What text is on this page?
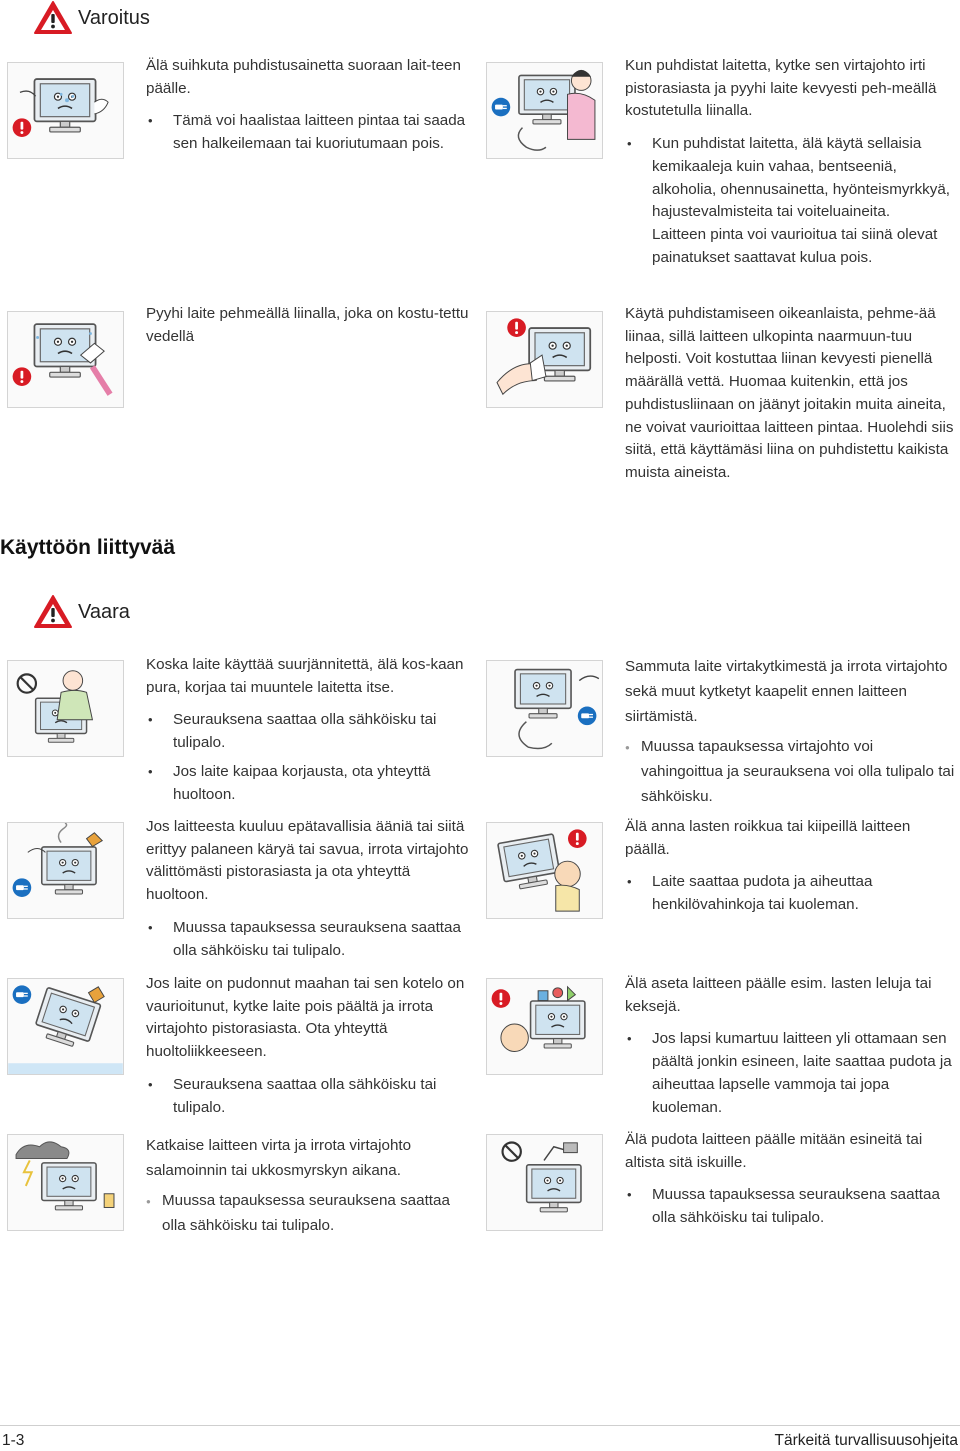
Varoitus

Älä suihkuta puhdistusainetta suoraan lait-teen päälle.

• Tämä voi haalistaa laitteen pintaa tai saada sen halkeilemaan tai kuoriutumaan pois.

Kun puhdistat laitetta, kytke sen virtajohto irti pistorasiasta ja pyyhi laite kevyesti peh-meällä kostutetulla liinalla.

• Kun puhdistat laitetta, älä käytä sellaisia kemikaaleja kuin vahaa, bentseeniä, alkoholia, ohennusainetta, hyönteismyrkkyä, hajustevalmisteita tai voiteluaineita.

Laitteen pinta voi vaurioitua tai siinä olevat painatukset saattavat kulua pois.

Pyyhi laite pehmeällä liinalla, joka on kostu-tettu vedellä

Käytä puhdistamiseen oikeanlaista, pehme-ää liinaa, sillä laitteen ulkopinta naarmuun-tuu helposti. Voit kostuttaa liinan kevyesti pienellä määrällä vettä. Huomaa kuitenkin, että jos puhdistusliinaan on jäänyt joitakin muita aineita, ne voivat vaurioittaa laitteen pintaa. Huolehdi siis siitä, että käyttämäsi liina on puhdistettu kaikista muista aineista.

Käyttöön liittyvää
Vaara

Koska laite käyttää suurjännitettä, älä kos-kaan pura, korjaa tai muuntele laitetta itse.

• Seurauksena saattaa olla sähköisku tai tulipalo.
• Jos laite kaipaa korjausta, ota yhteyttä huoltoon.

Sammuta laite virtakytkimestä ja irrota virtajohto sekä muut kytketyt kaapelit ennen laitteen siirtämistä.

● Muussa tapauksessa virtajohto voi vahingoittua ja seurauksena voi olla tulipalo tai sähköisku.

Jos laitteesta kuuluu epätavallisia ääniä tai siitä erittyy palaneen käryä tai savua, irrota virtajohto välittömästi pistorasiasta ja ota yhteyttä huoltoon.

• Muussa tapauksessa seurauksena saattaa olla sähköisku tai tulipalo.

Älä anna lasten roikkua tai kiipeillä laitteen päällä.

• Laite saattaa pudota ja aiheuttaa henkilövahinkoja tai kuoleman.

Jos laite on pudonnut maahan tai sen kotelo on vaurioitunut, kytke laite pois päältä ja irrota virtajohto pistorasiasta. Ota yhteyttä huoltoliikkeeseen.

• Seurauksena saattaa olla sähköisku tai tulipalo.

Älä aseta laitteen päälle esim. lasten leluja tai keksejä.

• Jos lapsi kumartuu laitteen yli ottamaan sen päältä jonkin esineen, laite saattaa pudota ja aiheuttaa lapselle vammoja tai jopa kuoleman.

Katkaise laitteen virta ja irrota virtajohto salamoinnin tai ukkosmyrskyn aikana.

● Muussa tapauksessa seurauksena saattaa olla sähköisku tai tulipalo.

Älä pudota laitteen päälle mitään esineitä tai altista sitä iskuille.

• Muussa tapauksessa seurauksena saattaa olla sähköisku tai tulipalo.
1-3	Tärkeitä turvallisuusohjeita
